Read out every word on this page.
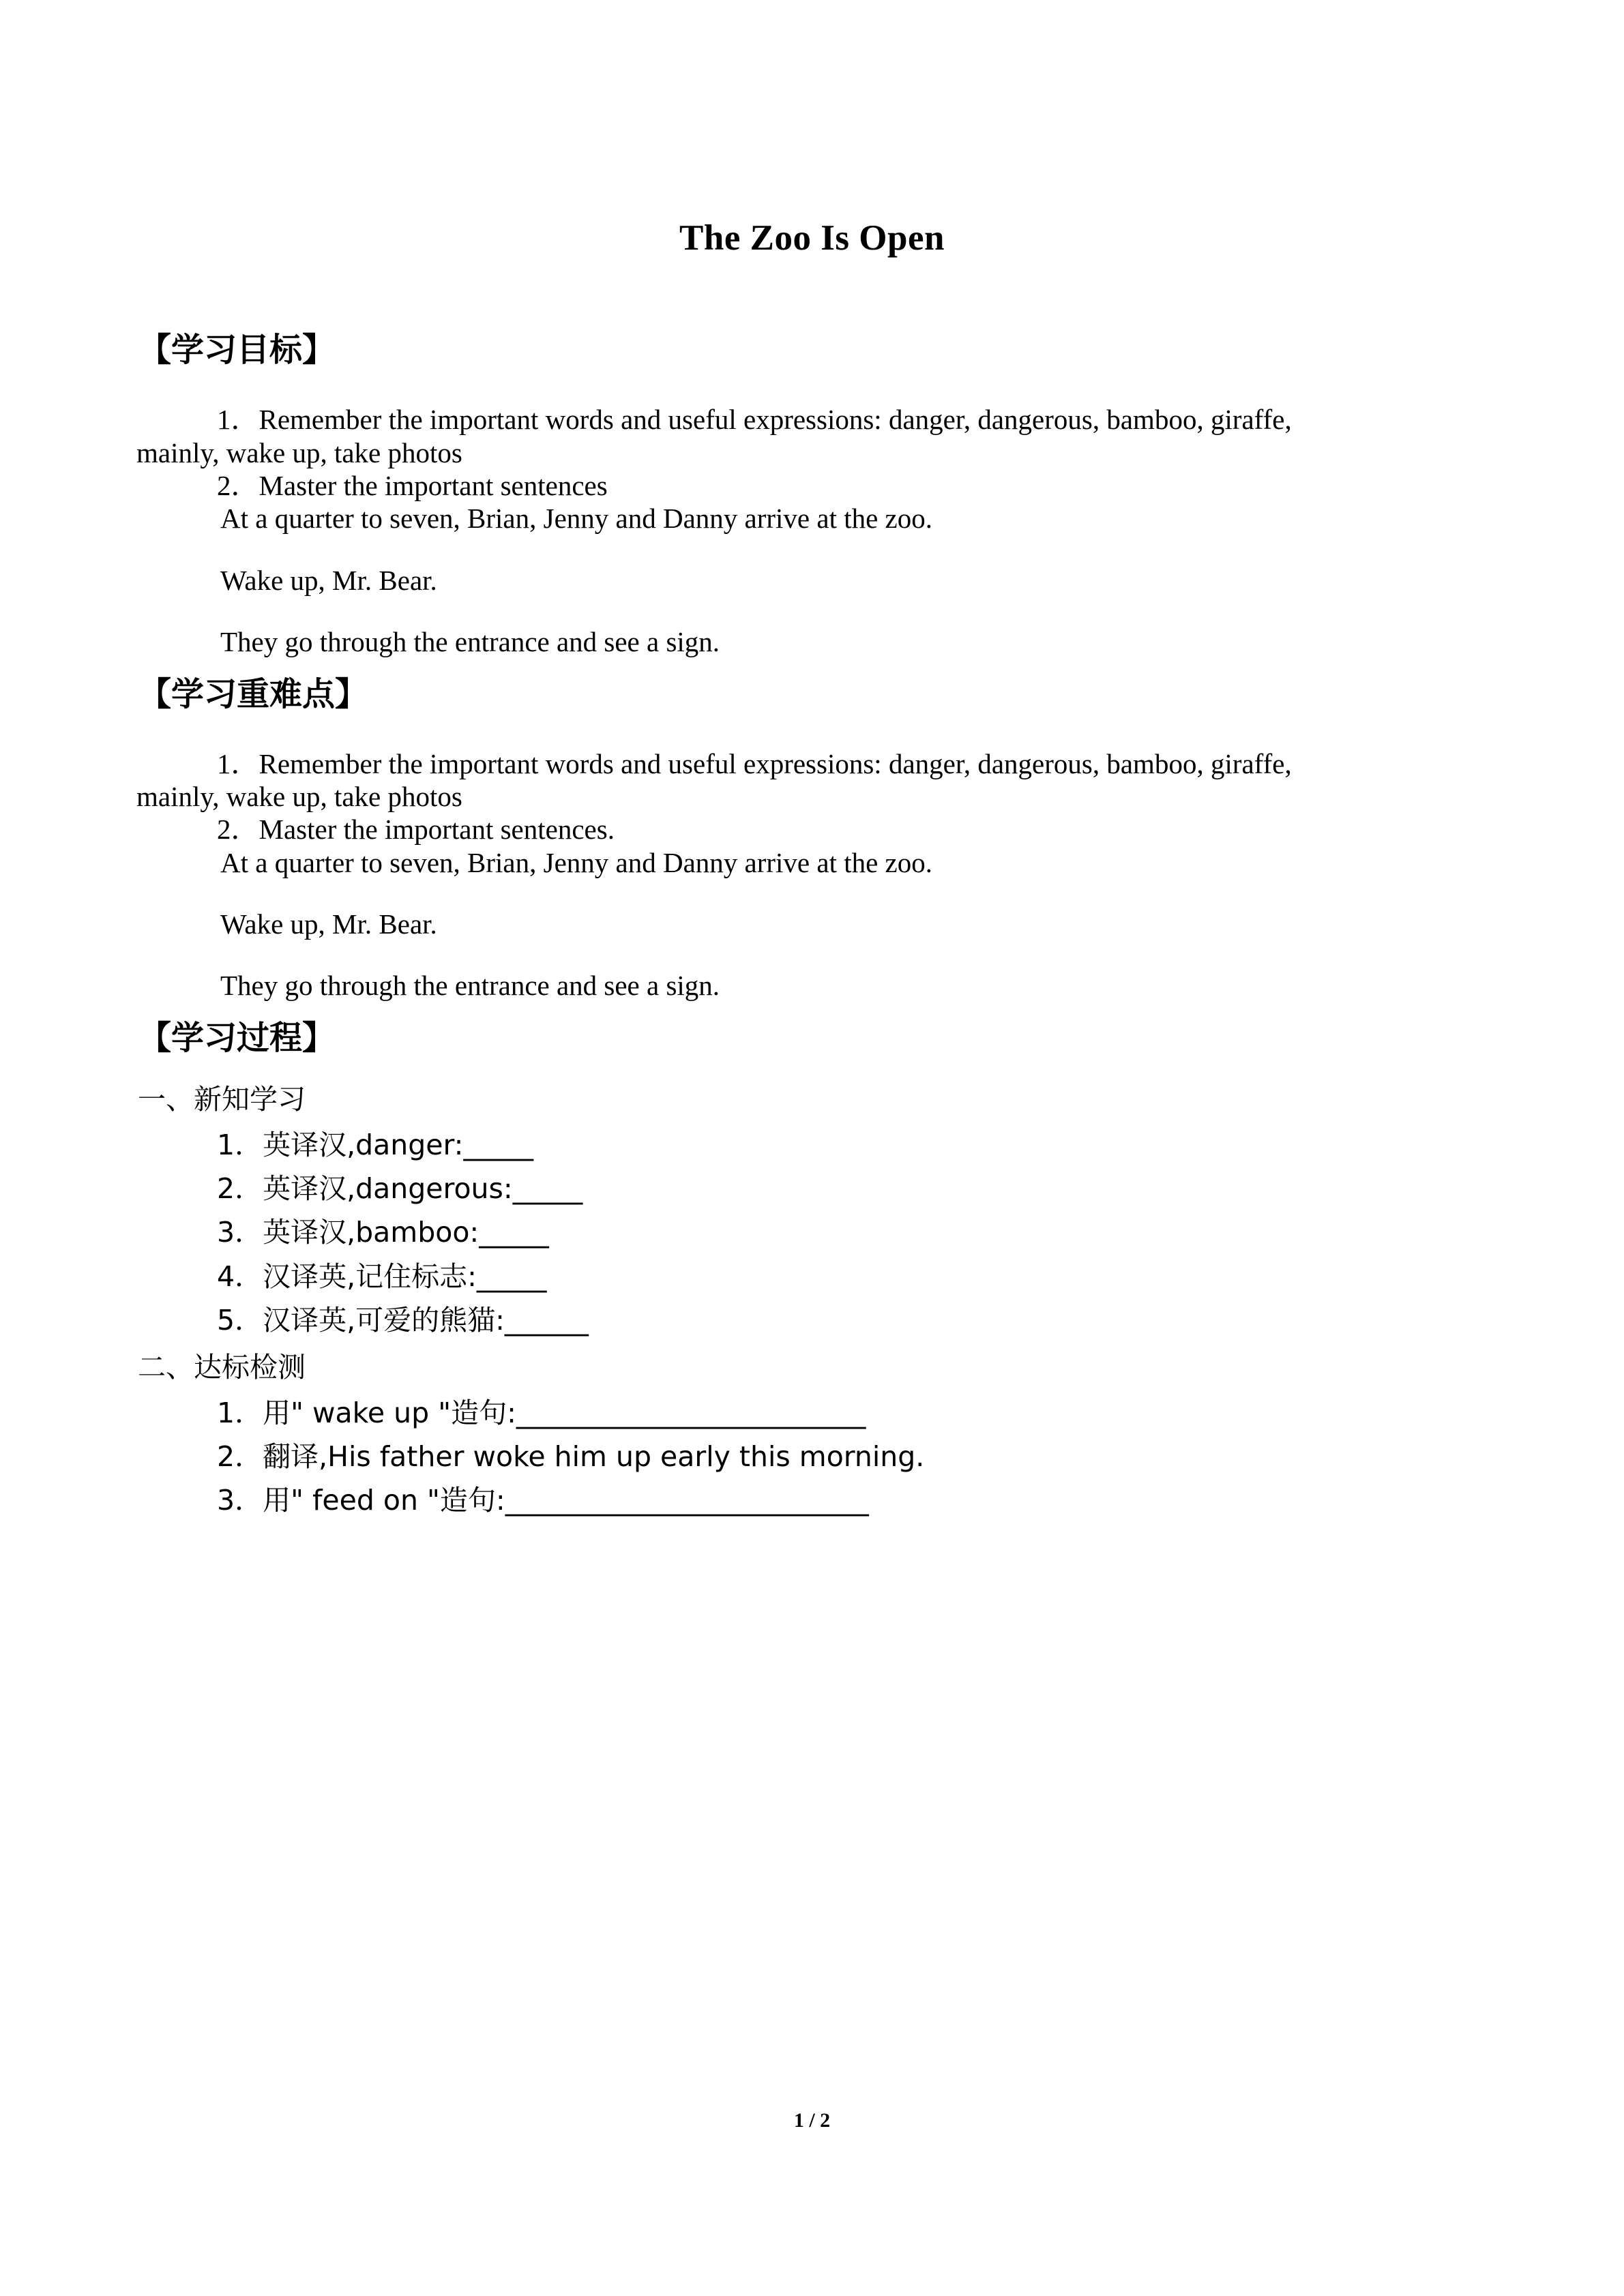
The Zoo Is Open
【学习目标】
1．Remember the important words and useful expressions: danger, dangerous, bamboo, giraffe,
mainly, wake up, take photos
2．Master the important sentences
At a quarter to seven, Brian, Jenny and Danny arrive at the zoo.
Wake up, Mr. Bear.
They go through the entrance and see a sign.
【学习重难点】
1．Remember the important words and useful expressions: danger, dangerous, bamboo, giraffe,
mainly, wake up, take photos
2．Master the important sentences.
At a quarter to seven, Brian, Jenny and Danny arrive at the zoo.
Wake up, Mr. Bear.
They go through the entrance and see a sign.
【学习过程】
一、新知学习
1．英译汉,danger:_____
2．英译汉,dangerous:_____
3．英译汉,bamboo:_____
4．汉译英,记住标志:_____
5．汉译英,可爱的熊猫:______
二、达标检测
1．用" wake up "造句:_________________________
2．翻译,His father woke him up early this morning.
3．用" feed on "造句:__________________________
1 / 2
